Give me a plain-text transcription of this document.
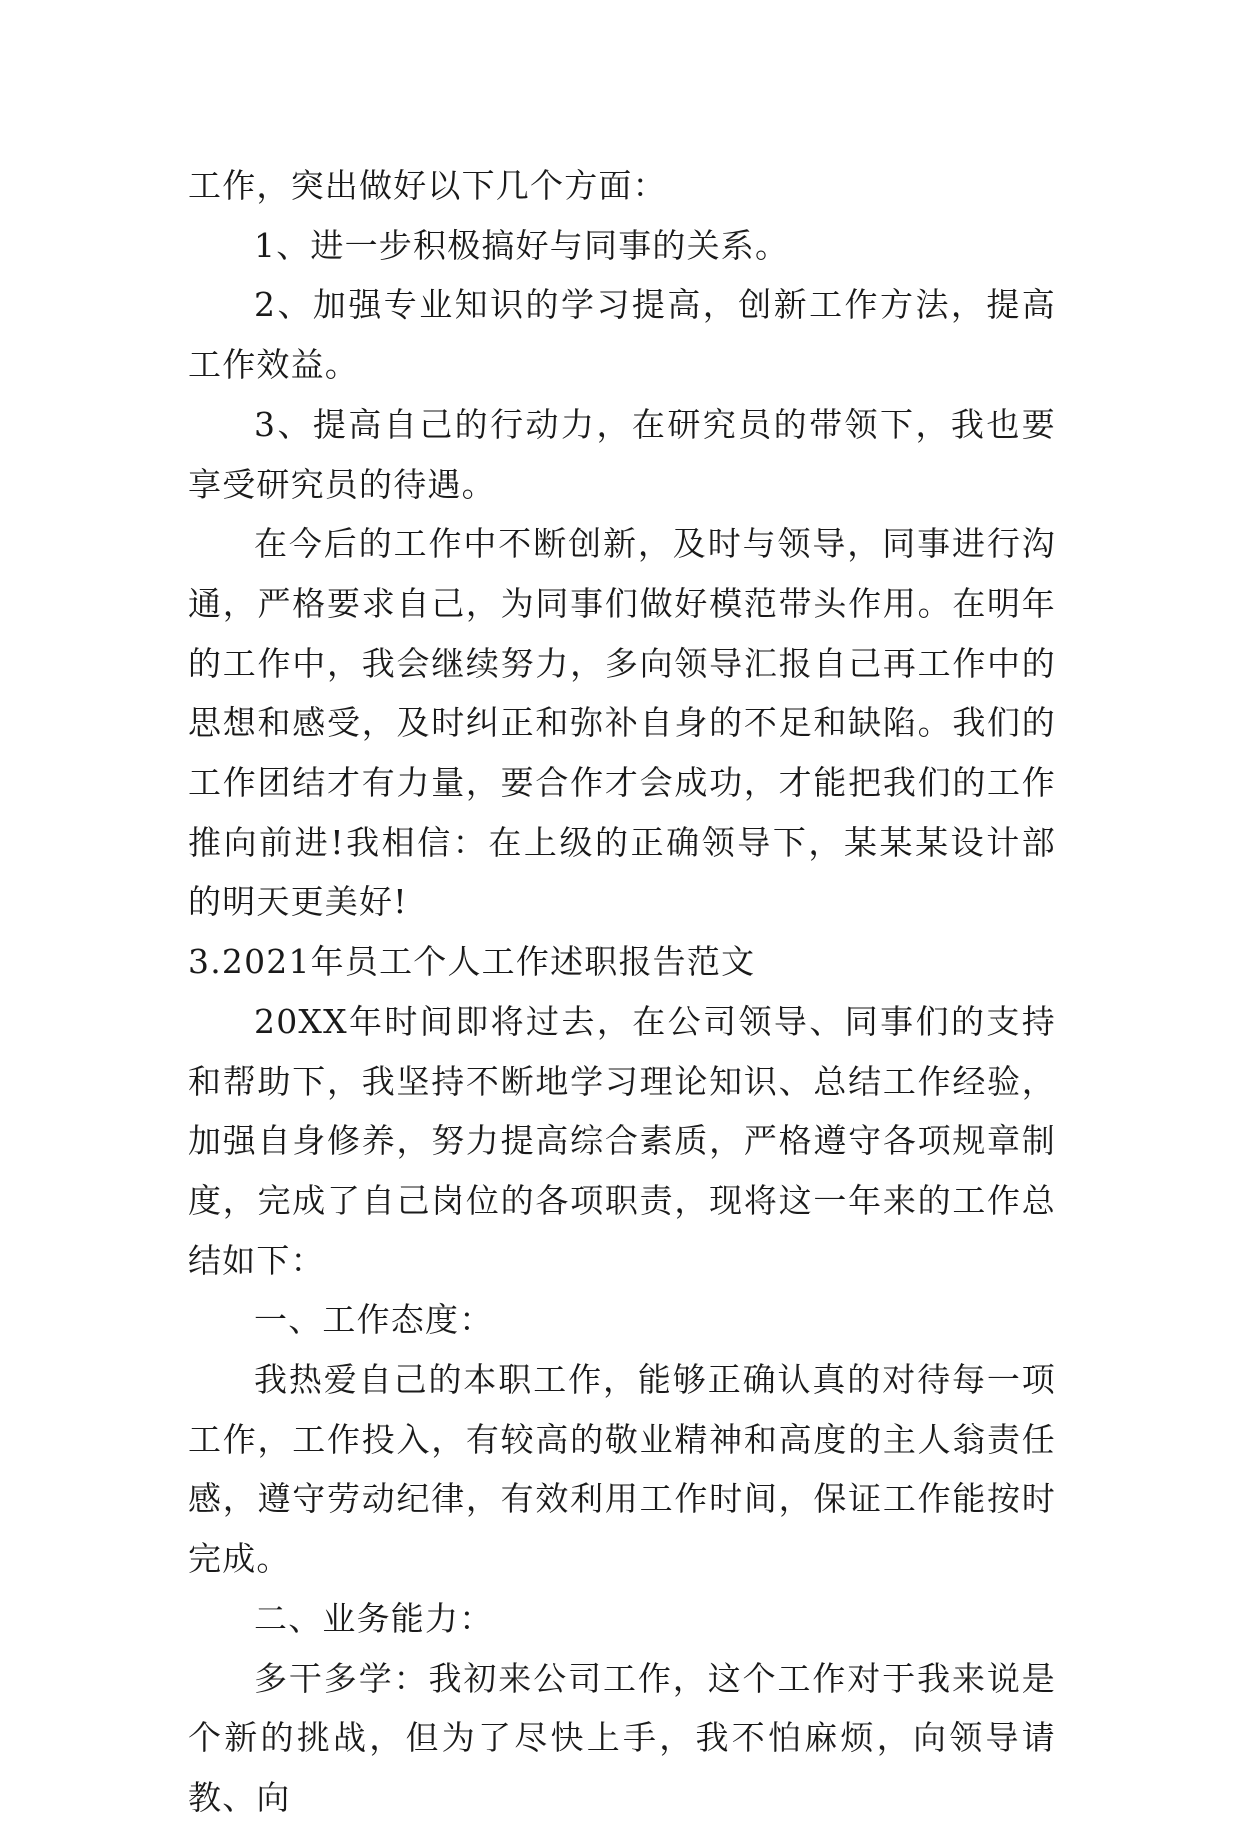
工作，突出做好以下几个方面：

1、进一步积极搞好与同事的关系。

2、加强专业知识的学习提高，创新工作方法，提高工作效益。

3、提高自己的行动力，在研究员的带领下，我也要享受研究员的待遇。

在今后的工作中不断创新，及时与领导，同事进行沟通，严格要求自己，为同事们做好模范带头作用。在明年的工作中，我会继续努力，多向领导汇报自己再工作中的思想和感受，及时纠正和弥补自身的不足和缺陷。我们的工作团结才有力量，要合作才会成功，才能把我们的工作推向前进!我相信：在上级的正确领导下，某某某设计部的明天更美好!

3.2021年员工个人工作述职报告范文

20XX年时间即将过去，在公司领导、同事们的支持和帮助下，我坚持不断地学习理论知识、总结工作经验，加强自身修养，努力提高综合素质，严格遵守各项规章制度，完成了自己岗位的各项职责，现将这一年来的工作总结如下：

一、工作态度：

我热爱自己的本职工作，能够正确认真的对待每一项工作，工作投入，有较高的敬业精神和高度的主人翁责任感，遵守劳动纪律，有效利用工作时间，保证工作能按时完成。

二、业务能力：

多干多学：我初来公司工作，这个工作对于我来说是个新的挑战，但为了尽快上手，我不怕麻烦，向领导请教、向
